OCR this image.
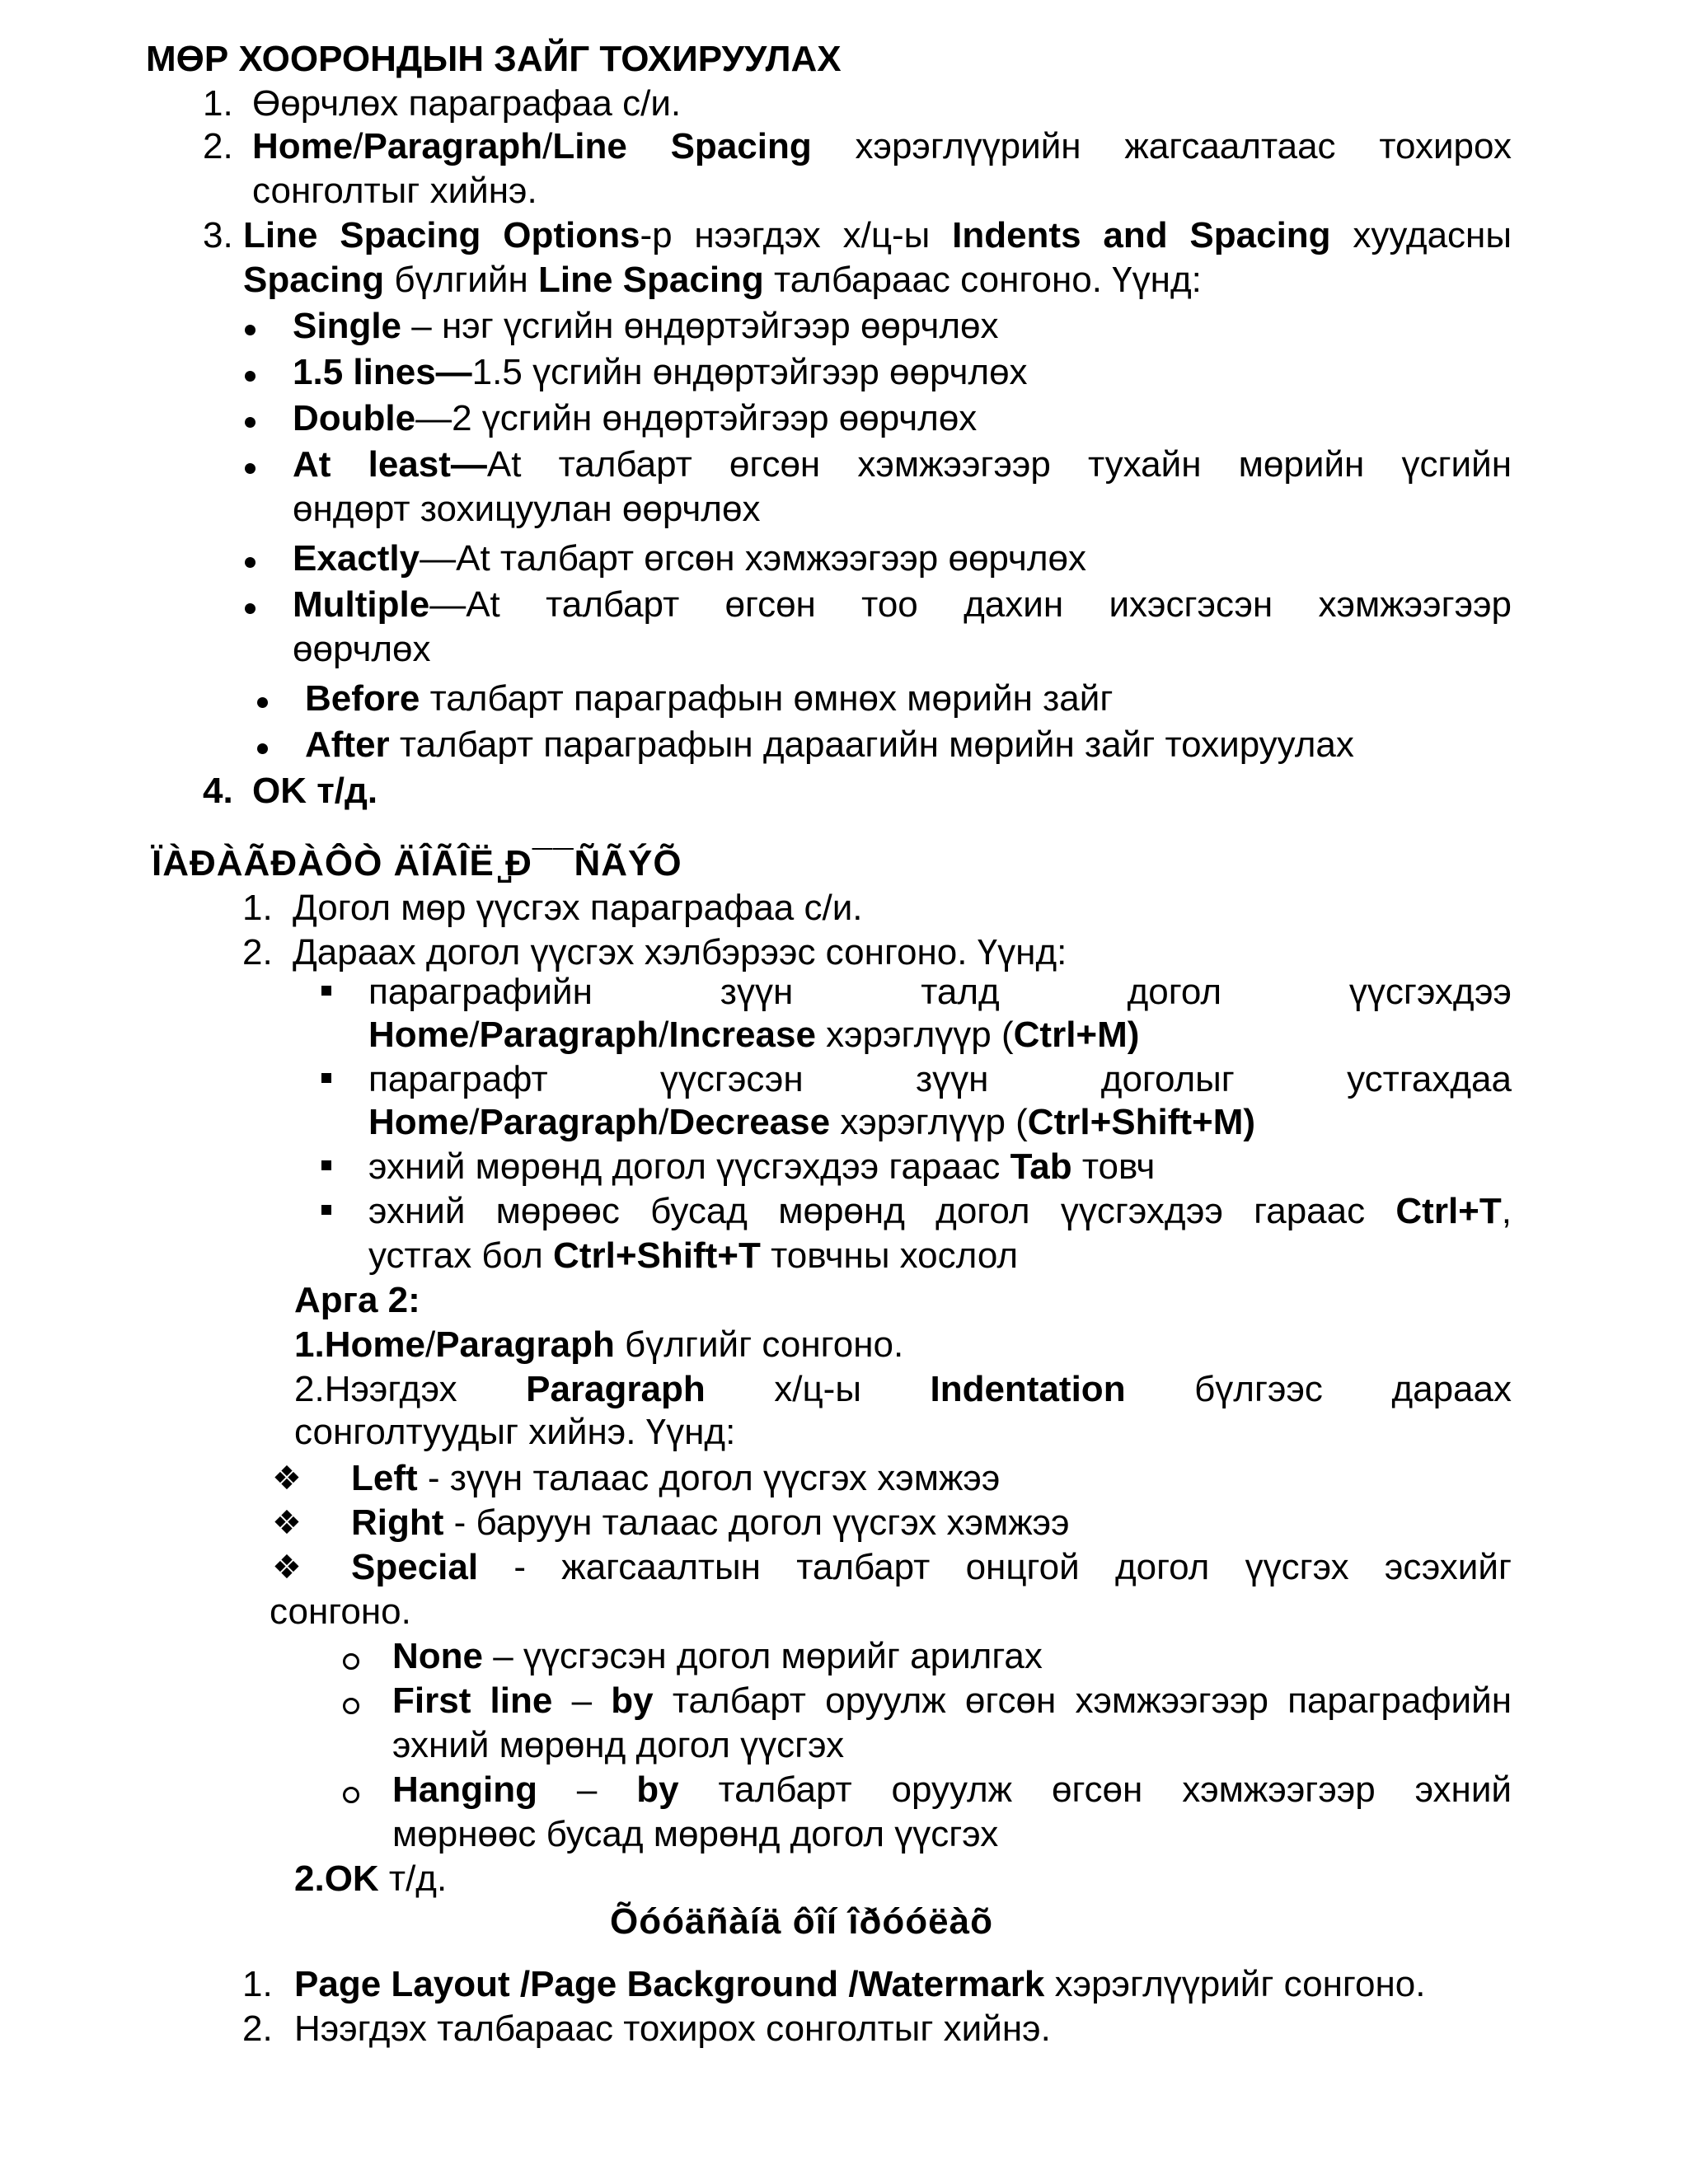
МӨР ХООРОНДЫН ЗАЙГ ТОХИРУУЛАХ
1. Өөрчлөх параграфаа с/и.
2. Home/Paragraph/Line Spacing хэрэглүүрийн жагсаалтаас тохирох
сонголтыг хийнэ.
3. Line Spacing Options-р нээгдэх х/ц-ы Indents and Spacing хуудасны
Spacing бүлгийн Line Spacing талбараас сонгоно. Үүнд:
Single – нэг үсгийн өндөртэйгээр өөрчлөх
1.5 lines—1.5 үсгийн өндөртэйгээр өөрчлөх
Double—2 үсгийн өндөртэйгээр өөрчлөх
At least—At талбарт өгсөн хэмжээгээр тухайн мөрийн үсгийн
өндөрт зохицуулан өөрчлөх
Exactly—At талбарт өгсөн хэмжээгээр өөрчлөх
Multiple—At талбарт өгсөн тоо дахин ихэсгэсэн хэмжээгээр
өөрчлөх
Before талбарт параграфын өмнөх мөрийн зайг
After талбарт параграфын дараагийн мөрийн зайг тохируулах
4. OK т/д.
ÏÀÐÀÃÐÀÔÒ ÄÎÃÎË ̺Ð¯¯ÑÃÝÕ
1. Догол мөр үүсгэх параграфаа с/и.
2. Дараах догол үүсгэх хэлбэрээс сонгоно. Үүнд:
параграфийн зүүн талд догол үүсгэхдээ
Home/Paragraph/Increase хэрэглүүр (Ctrl+M)
параграфт үүсгэсэн зүүн доголыг устгахдаа
Home/Paragraph/Decrease хэрэглүүр (Ctrl+Shift+M)
эхний мөрөнд догол үүсгэхдээ гараас Tab товч
эхний мөрөөс бусад мөрөнд догол үүсгэхдээ гараас Ctrl+T,
устгах бол Ctrl+Shift+T товчны хослол
Арга 2:
1.Home/Paragraph бүлгийг сонгоно.
2.Нээгдэх Paragraph х/ц-ы Indentation бүлгээс дараах
сонголтуудыг хийнэ. Үүнд:
❖ Left - зүүн талаас догол үүсгэх хэмжээ
❖ Right - баруун талаас догол үүсгэх хэмжээ
❖ Special - жагсаалтын талбарт онцгой догол үүсгэх эсэхийг
сонгоно.
None – үүсгэсэн догол мөрийг арилгах
First line – by талбарт оруулж өгсөн хэмжээгээр параграфийн
эхний мөрөнд догол үүсгэх
Hanging – by талбарт оруулж өгсөн хэмжээгээр эхний
мөрнөөс бусад мөрөнд догол үүсгэх
2.OK т/д.
Õóóäñàíä ôîí îðóóëàõ
1. Page Layout /Page Background /Watermark хэрэглүүрийг сонгоно.
2. Нээгдэх талбараас тохирох сонголтыг хийнэ.
